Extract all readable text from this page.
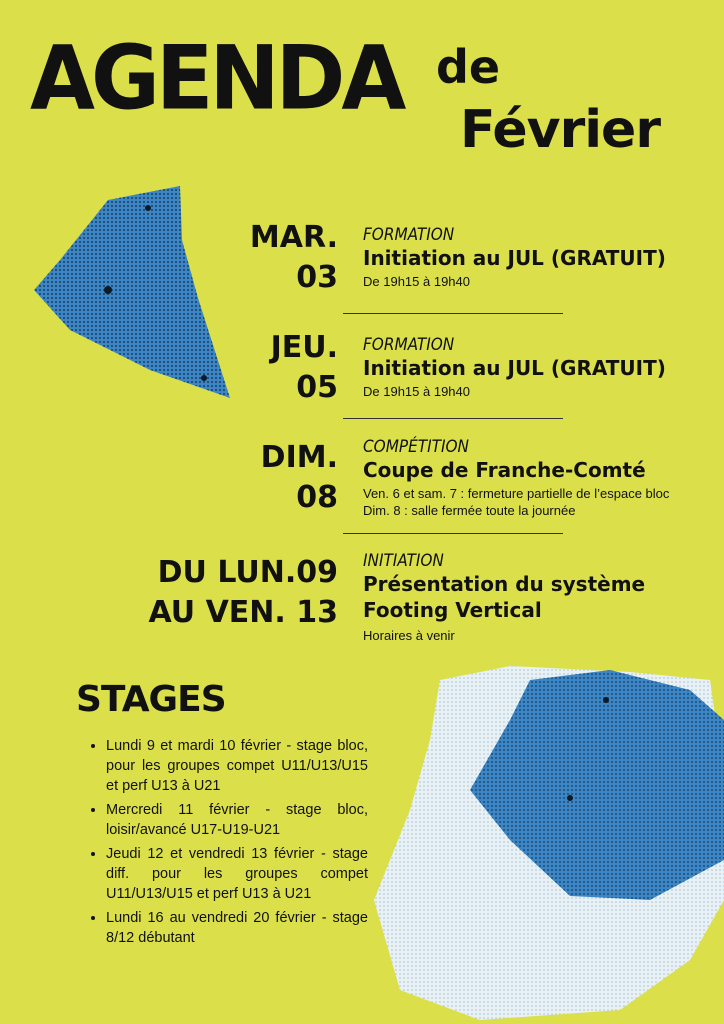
AGENDA de
Février
MAR.
03
FORMATION
Initiation au JUL (GRATUIT)
De 19h15 à 19h40
JEU.
05
FORMATION
Initiation au JUL (GRATUIT)
De 19h15 à 19h40
DIM.
08
COMPÉTITION
Coupe de Franche-Comté
Ven. 6 et sam. 7 : fermeture partielle de l’espace bloc
Dim. 8 : salle fermée toute la journée
DU LUN.09
AU VEN. 13
INITIATION
Présentation du système
Footing Vertical
Horaires à venir
STAGES
• Lundi 9 et mardi 10 février - stage bloc, pour les groupes compet U11/U13/U15 et perf U13 à U21
• Mercredi 11 février - stage bloc, loisir/avancé U17-U19-U21
• Jeudi 12 et vendredi 13 février - stage diff. pour les groupes compet U11/U13/U15 et perf U13 à U21
• Lundi 16 au vendredi 20 février - stage 8/12 débutant
